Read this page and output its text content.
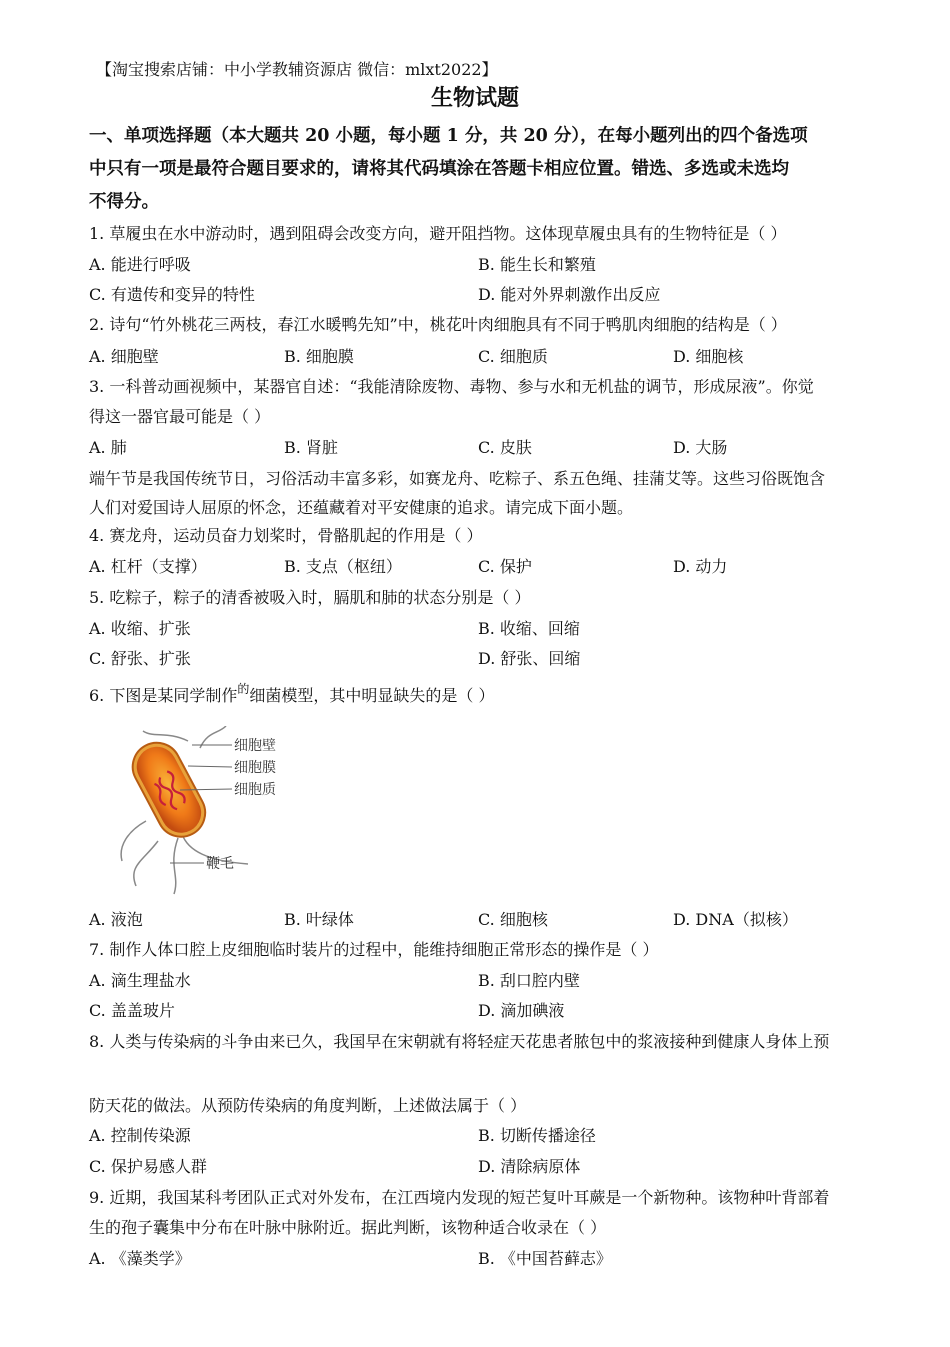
【淘宝搜索店铺：中小学教辅资源店 微信：mlxt2022】
生物试题
一、单项选择题（本大题共 20 小题，每小题 1 分，共 20 分），在每小题列出的四个备选项
中只有一项是最符合题目要求的，请将其代码填涂在答题卡相应位置。错选、多选或未选均
不得分。
1. 草履虫在水中游动时，遇到阻碍会改变方向，避开阻挡物。这体现草履虫具有的生物特征是（ ）
A. 能进行呼吸	B. 能生长和繁殖
C. 有遗传和变异的特性	D. 能对外界刺激作出反应
2. 诗句“竹外桃花三两枝，春江水暖鸭先知”中，桃花叶肉细胞具有不同于鸭肌肉细胞的结构是（ ）
A. 细胞壁	B. 细胞膜	C. 细胞质	D. 细胞核
3. 一科普动画视频中，某器官自述：“我能清除废物、毒物、参与水和无机盐的调节，形成尿液”。你觉
得这一器官最可能是（ ）
A. 肺	B. 肾脏	C. 皮肤	D. 大肠
端午节是我国传统节日，习俗活动丰富多彩，如赛龙舟、吃粽子、系五色绳、挂蒲艾等。这些习俗既饱含
人们对爱国诗人屈原的怀念，还蕴藏着对平安健康的追求。请完成下面小题。
4. 赛龙舟，运动员奋力划桨时，骨骼肌起的作用是（ ）
A. 杠杆（支撑）	B. 支点（枢纽）	C. 保护	D. 动力
5. 吃粽子，粽子的清香被吸入时，膈肌和肺的状态分别是（ ）
A. 收缩、扩张	B. 收缩、回缩
C. 舒张、扩张	D. 舒张、回缩
6. 下图是某同学制作$^的$细菌模型，其中明显缺失的是（ ）
细胞壁
细胞膜
细胞质
鞭毛
A. 液泡	B. 叶绿体	C. 细胞核	D. DNA（拟核）
7. 制作人体口腔上皮细胞临时装片的过程中，能维持细胞正常形态的操作是（ ）
A. 滴生理盐水	B. 刮口腔内壁
C. 盖盖玻片	D. 滴加碘液
8. 人类与传染病的斗争由来已久，我国早在宋朝就有将轻症天花患者脓包中的浆液接种到健康人身体上预
防天花的做法。从预防传染病的角度判断，上述做法属于（ ）
A. 控制传染源	B. 切断传播途径
C. 保护易感人群	D. 清除病原体
9. 近期，我国某科考团队正式对外发布，在江西境内发现的短芒复叶耳蕨是一个新物种。该物种叶背部着
生的孢子囊集中分布在叶脉中脉附近。据此判断，该物种适合收录在（ ）
A. 《藻类学》	B. 《中国苔藓志》
